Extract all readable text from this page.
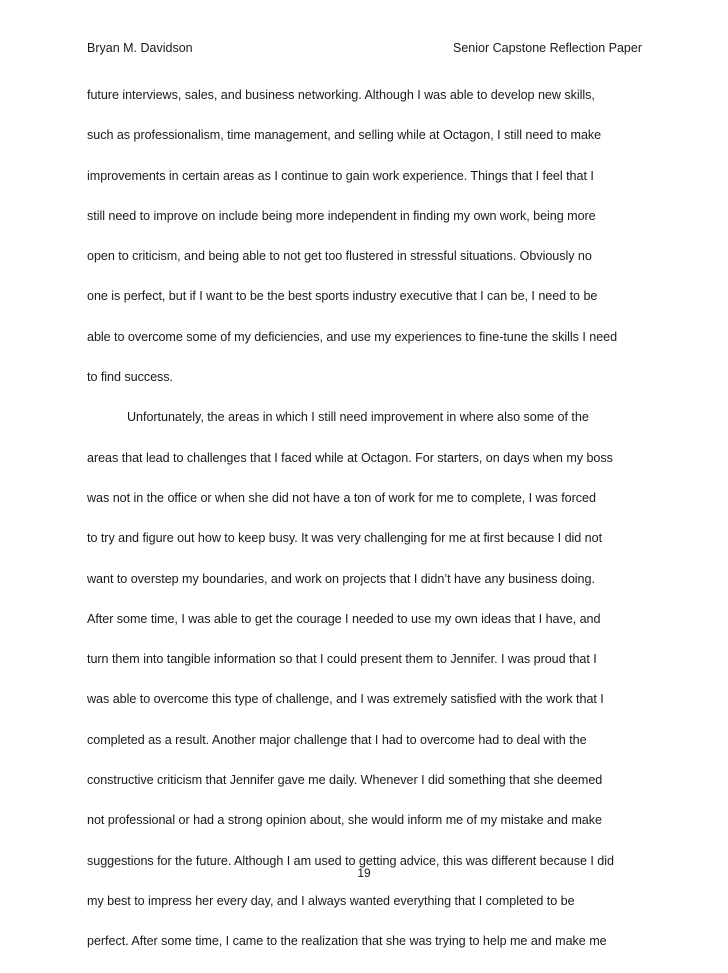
Bryan M. Davidson	Senior Capstone Reflection Paper
future interviews, sales, and business networking. Although I was able to develop new skills,
such as professionalism, time management, and selling while at Octagon, I still need to make
improvements in certain areas as I continue to gain work experience. Things that I feel that I
still need to improve on include being more independent in finding my own work, being more
open to criticism, and being able to not get too flustered in stressful situations. Obviously no
one is perfect, but if I want to be the best sports industry executive that I can be, I need to be
able to overcome some of my deficiencies, and use my experiences to fine-tune the skills I need
to find success.
Unfortunately, the areas in which I still need improvement in where also some of the
areas that lead to challenges that I faced while at Octagon. For starters, on days when my boss
was not in the office or when she did not have a ton of work for me to complete, I was forced
to try and figure out how to keep busy. It was very challenging for me at first because I did not
want to overstep my boundaries, and work on projects that I didn’t have any business doing.
After some time, I was able to get the courage I needed to use my own ideas that I have, and
turn them into tangible information so that I could present them to Jennifer. I was proud that I
was able to overcome this type of challenge, and I was extremely satisfied with the work that I
completed as a result. Another major challenge that I had to overcome had to deal with the
constructive criticism that Jennifer gave me daily. Whenever I did something that she deemed
not professional or had a strong opinion about, she would inform me of my mistake and make
suggestions for the future. Although I am used to getting advice, this was different because I did
my best to impress her every day, and I always wanted everything that I completed to be
perfect. After some time, I came to the realization that she was trying to help me and make me
19
